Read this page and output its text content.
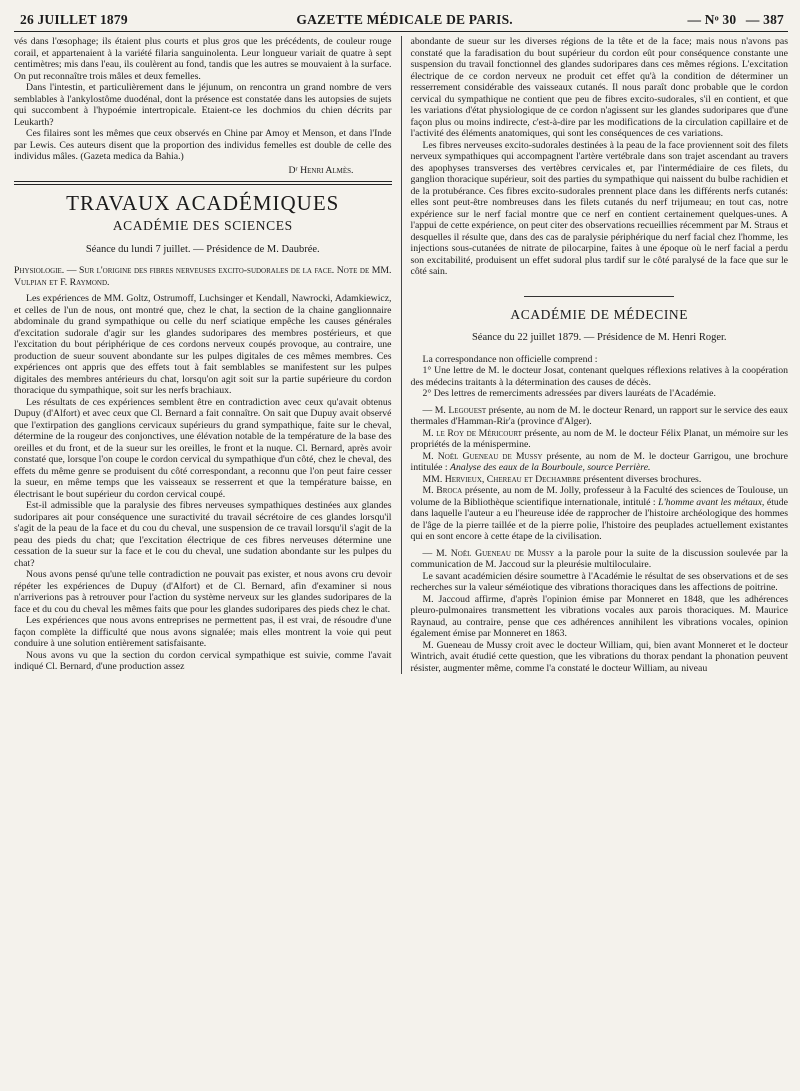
26 JUILLET 1879	GAZETTE MÉDICALE DE PARIS.	— Nᵒ 30 — 387

vés dans l'œsophage; ils étaient plus courts et plus gros que les précédents, de couleur rouge corail, et appartenaient à la variété filaria sanguinolenta. Leur longueur variait de quatre à sept centimètres; mis dans l'eau, ils coulèrent au fond, tandis que les autres se mouvaient à la surface. On put reconnaître trois mâles et deux femelles.

Dans l'intestin, et particulièrement dans le jéjunum, on rencontra un grand nombre de vers semblables à l'ankylostôme duodénal, dont la présence est constatée dans les autopsies de sujets qui succombent à l'hypoémie intertropicale. Etaient-ce les dochmios du chien décrits par Leukarth?

Ces filaires sont les mêmes que ceux observés en Chine par Amoy et Menson, et dans l'Inde par Lewis. Ces auteurs disent que la proportion des individus femelles est double de celle des individus mâles. (Gazeta medica da Bahia.)

Dʳ Henri Almès.
TRAVAUX ACADÉMIQUES
ACADÉMIE DES SCIENCES
Séance du lundi 7 juillet. — Présidence de M. Daubrée.

Physiologie. — Sur l'origine des fibres nerveuses excito-sudorales de la face. Note de MM. Vulpian et F. Raymond.

Les expériences de MM. Goltz, Ostrumoff, Luchsinger et Kendall, Nawrocki, Adamkiewicz, et celles de l'un de nous, ont montré que, chez le chat, la section de la chaine ganglionnaire abdominale du grand sympathique ou celle du nerf sciatique empêche les causes générales d'excitation sudorale d'agir sur les glandes sudoripares des membres postérieurs, et que l'excitation du bout périphérique de ces cordons nerveux coupés provoque, au contraire, une production de sueur souvent abondante sur les pulpes digitales de ces mêmes membres. Ces expériences ont appris que des effets tout à fait semblables se manifestent sur les pulpes digitales des membres antérieurs du chat, lorsqu'on agit soit sur la partie supérieure du cordon thoracique du sympathique, soit sur les nerfs brachiaux.

Les résultats de ces expériences semblent être en contradiction avec ceux qu'avait obtenus Dupuy (d'Alfort) et avec ceux que Cl. Bernard a fait connaître. On sait que Dupuy avait observé que l'extirpation des ganglions cervicaux supérieurs du grand sympathique, faite sur le cheval, détermine de la rougeur des conjonctives, une élévation notable de la température de la base des oreilles et du front, et de la sueur sur les oreilles, le front et la nuque. Cl. Bernard, après avoir constaté que, lorsque l'on coupe le cordon cervical du sympathique d'un côté, chez le cheval, des effets du même genre se produisent du côté correspondant, a reconnu que l'on peut faire cesser la sueur, en même temps que les vaisseaux se resserrent et que la température baisse, en électrisant le bout supérieur du cordon cervical coupé.

Est-il admissible que la paralysie des fibres nerveuses sympathiques destinées aux glandes sudoripares ait pour conséquence une suractivité du travail sécrétoire de ces glandes lorsqu'il s'agit de la peau de la face et du cou du cheval, une suspension de ce travail lorsqu'il s'agit de la peau des pieds du chat; que l'excitation électrique de ces fibres nerveuses détermine une cessation de la sueur sur la face et le cou du cheval, une sudation abondante sur les pulpes du chat?

Nous avons pensé qu'une telle contradiction ne pouvait pas exister, et nous avons cru devoir répéter les expériences de Dupuy (d'Alfort) et de Cl. Bernard, afin d'examiner si nous n'arriverions pas à retrouver pour l'action du système nerveux sur les glandes sudoripares de la face et du cou du cheval les mêmes faits que pour les glandes sudoripares des pieds chez le chat.

Les expériences que nous avons entreprises ne permettent pas, il est vrai, de résoudre d'une façon complète la difficulté que nous avons signalée; mais elles montrent la voie qui peut conduire à une solution entièrement satisfaisante.

Nous avons vu que la section du cordon cervical sympathique est suivie, comme l'avait indiqué Cl. Bernard, d'une production assez

abondante de sueur sur les diverses régions de la tête et de la face; mais nous n'avons pas constaté que la faradisation du bout supérieur du cordon eût pour conséquence constante une suspension du travail fonctionnel des glandes sudoripares dans ces mêmes régions. L'excitation électrique de ce cordon nerveux ne produit cet effet qu'à la condition de déterminer un resserrement considérable des vaisseaux cutanés. Il nous paraît donc probable que le cordon cervical du sympathique ne contient que peu de fibres excito-sudorales, s'il en contient, et que les variations d'état physiologique de ce cordon n'agissent sur les glandes sudoripares que d'une façon plus ou moins indirecte, c'est-à-dire par les modifications de la circulation capillaire et de l'activité des éléments anatomiques, qui sont les conséquences de ces variations.

Les fibres nerveuses excito-sudorales destinées à la peau de la face proviennent soit des filets nerveux sympathiques qui accompagnent l'artère vertébrale dans son trajet ascendant au travers des apophyses transverses des vertèbres cervicales et, par l'intermédiaire de ces filets, du ganglion thoracique supérieur, soit des parties du sympathique qui naissent du bulbe rachidien et de la protubérance. Ces fibres excito-sudorales prennent place dans les différents nerfs cutanés: elles sont peut-être nombreuses dans les filets cutanés du nerf trijumeau; en tout cas, notre expérience sur le nerf facial montre que ce nerf en contient certainement quelques-unes. A l'appui de cette expérience, on peut citer des observations recueillies récemment par M. Straus et desquelles il résulte que, dans des cas de paralysie périphérique du nerf facial chez l'homme, les injections sous-cutanées de nitrate de pilocarpine, faites à une époque où le nerf facial a perdu son excitabilité, produisent un effet sudoral plus tardif sur le côté paralysé de la face que sur le côté sain.

ACADÉMIE DE MÉDECINE
Séance du 22 juillet 1879. — Présidence de M. Henri Roger.

La correspondance non officielle comprend :

1° Une lettre de M. le docteur Josat, contenant quelques réflexions relatives à la coopération des médecins traitants à la détermination des causes de décès.

2° Des lettres de remerciments adressées par divers lauréats de l'Académie.

— M. Legouest présente, au nom de M. le docteur Renard, un rapport sur le service des eaux thermales d'Hamman-Rir'a (province d'Alger).

M. le Roy de Méricourt présente, au nom de M. le docteur Félix Planat, un mémoire sur les propriétés de la ménispermine.

M. Noël Gueneau de Mussy présente, au nom de M. le docteur Garrigou, une brochure intitulée : Analyse des eaux de la Bourboule, source Perrière.

MM. Hervieux, Chereau et Dechambre présentent diverses brochures.

M. Broca présente, au nom de M. Jolly, professeur à la Faculté des sciences de Toulouse, un volume de la Bibliothèque scientifique internationale, intitulé : L'homme avant les métaux, étude dans laquelle l'auteur a eu l'heureuse idée de rapprocher de l'histoire archéologique des hommes de l'âge de la pierre taillée et de la pierre polie, l'histoire des peuplades actuellement existantes qui en sont encore à cette étape de la civilisation.

— M. Noël Gueneau de Mussy a la parole pour la suite de la discussion soulevée par la communication de M. Jaccoud sur la pleurésie multiloculaire.

Le savant académicien désire soumettre à l'Académie le résultat de ses observations et de ses recherches sur la valeur séméiotique des vibrations thoraciques dans les affections de poitrine.

M. Jaccoud affirme, d'après l'opinion émise par Monneret en 1848, que les adhérences pleuro-pulmonaires transmettent les vibrations vocales aux parois thoraciques. M. Maurice Raynaud, au contraire, pense que ces adhérences annihilent les vibrations vocales, opinion également émise par Monneret en 1863.

M. Gueneau de Mussy croit avec le docteur William, qui, bien avant Monneret et le docteur Wintrich, avait étudié cette question, que les vibrations du thorax pendant la phonation peuvent résister, augmenter même, comme l'a constaté le docteur William, au niveau
